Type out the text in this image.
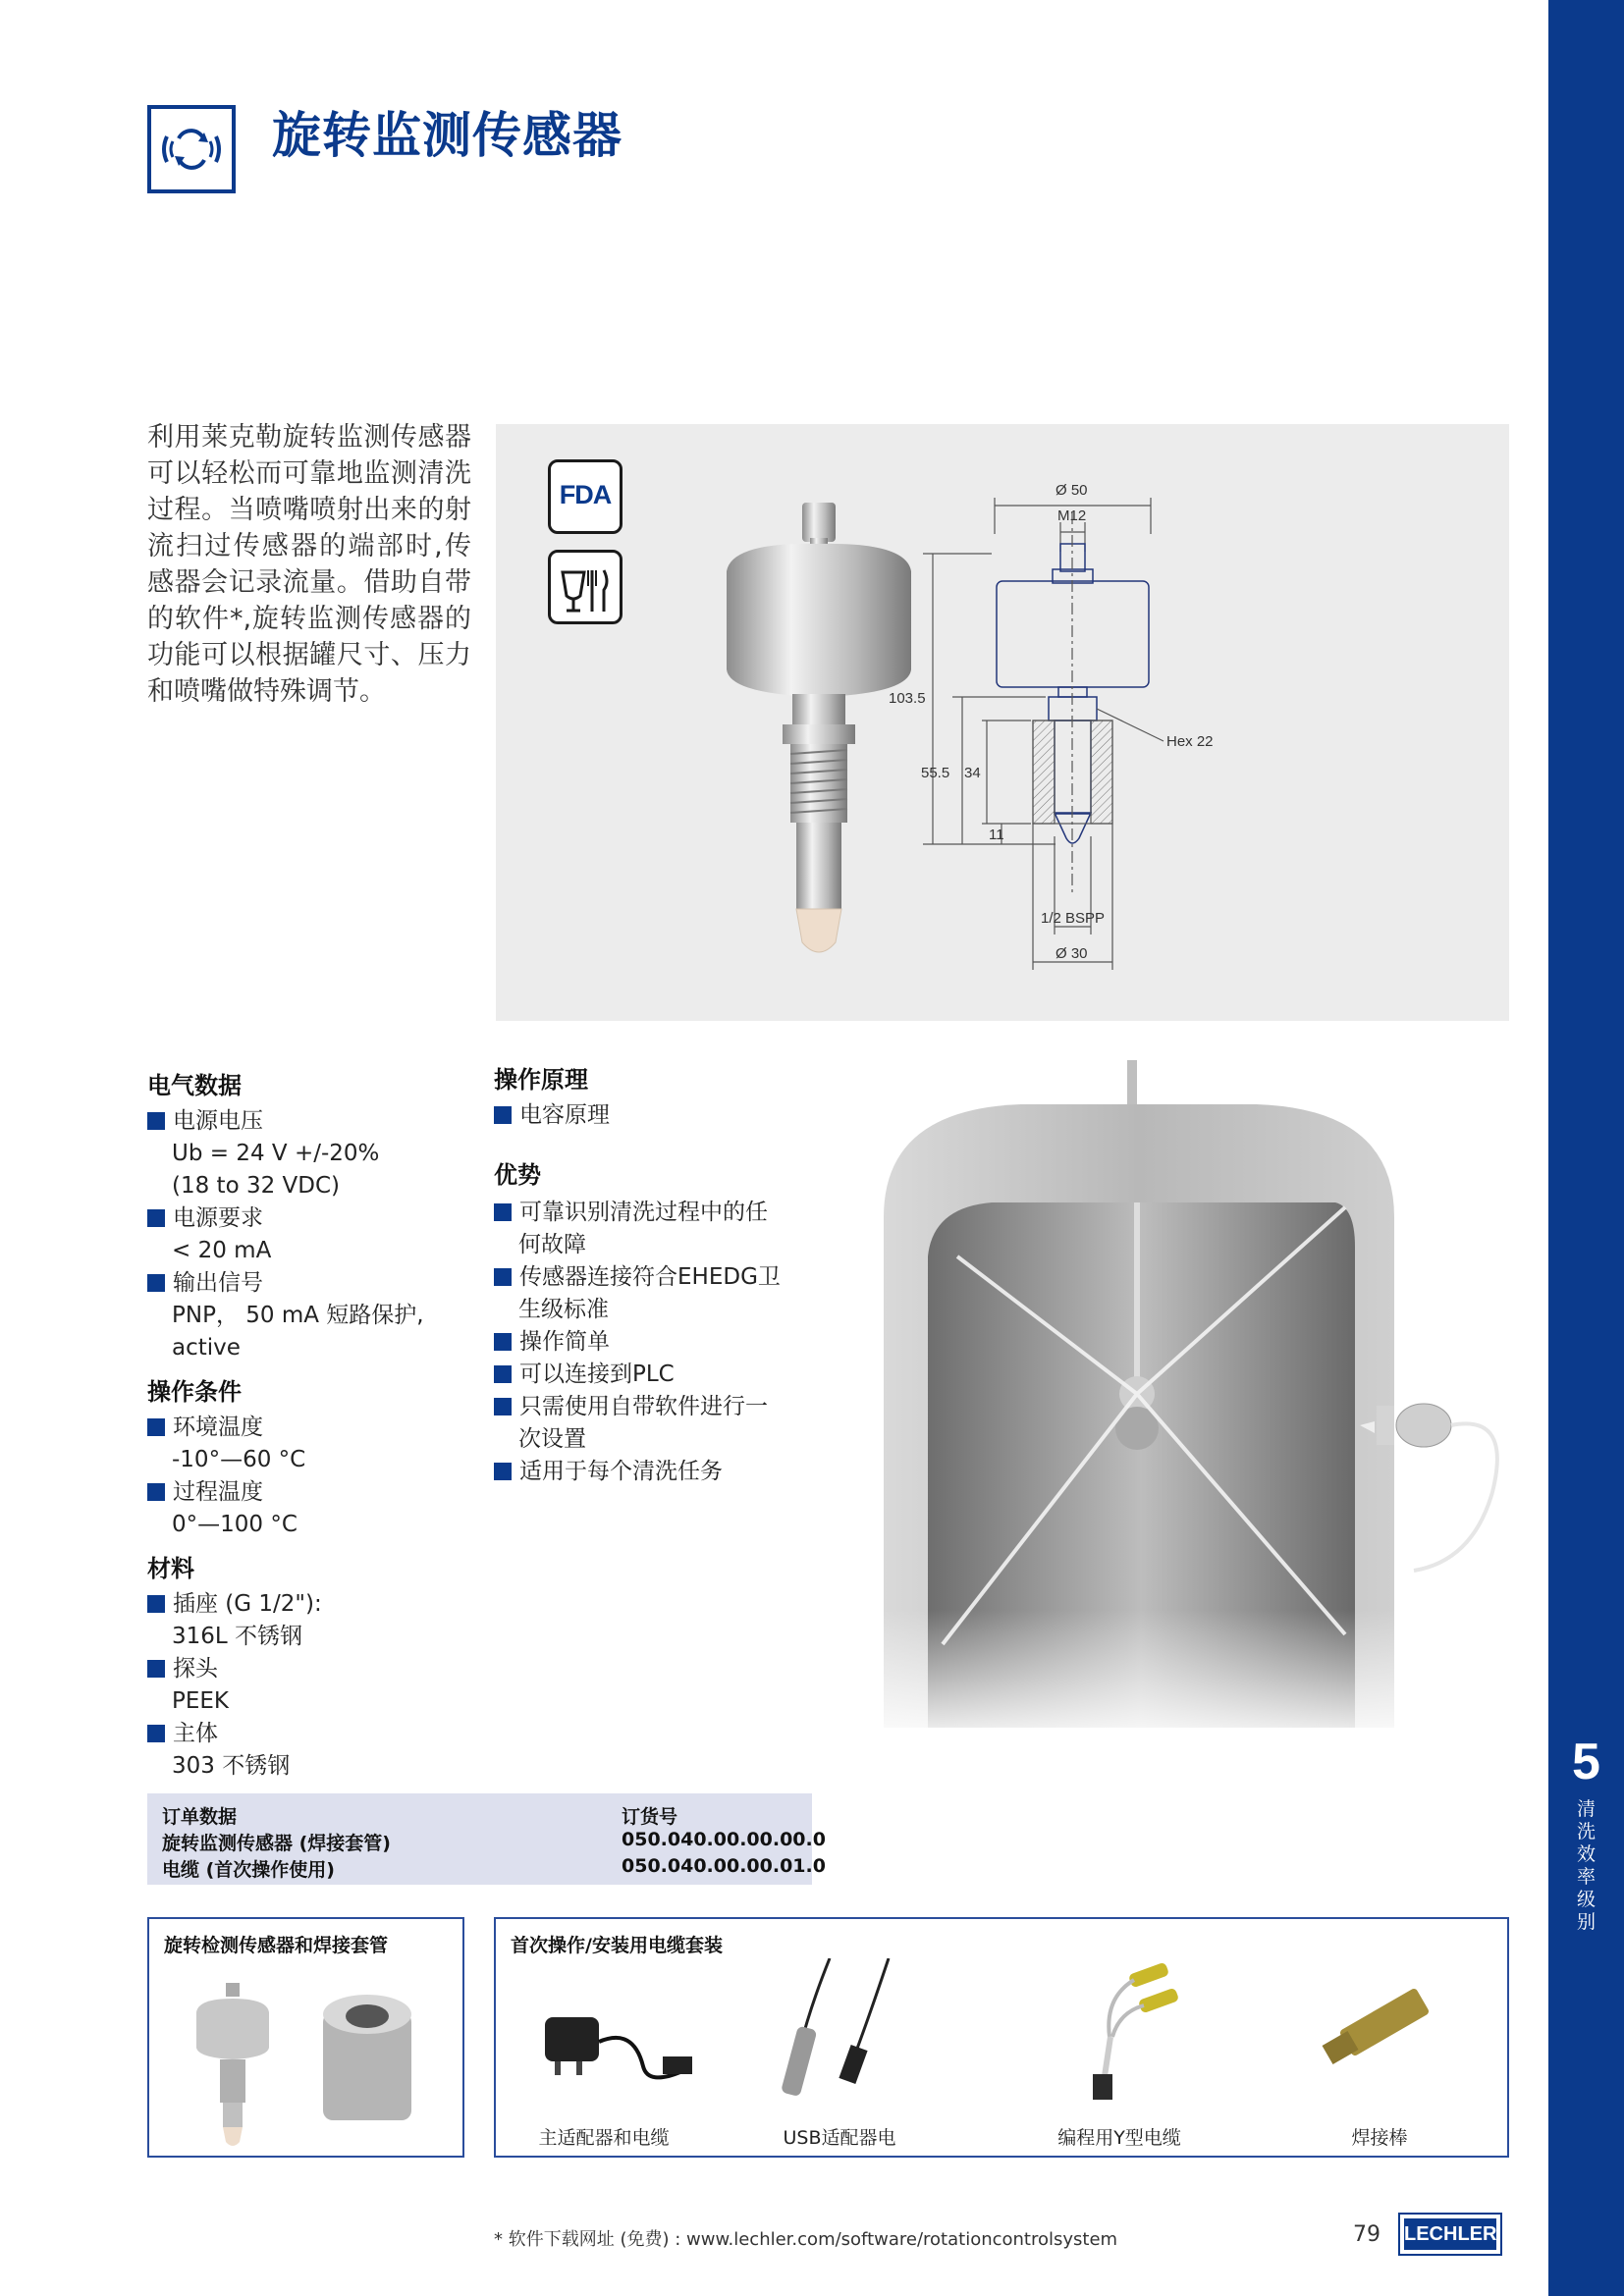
5
清
洗
效
率
级
别
旋转监测传感器
利用莱克勒旋转监测传感器可以轻松而可靠地监测清洗过程。当喷嘴喷射出来的射流扫过传感器的端部时,传感器会记录流量。借助自带的软件*,旋转监测传感器的功能可以根据罐尺寸、压力和喷嘴做特殊调节。
Ø 50
M12
103.5
55.5 34
11
Hex 22
1/2 BSPP
Ø 30
FDA
电气数据
电源电压
Ub = 24 V +/-20%
(18 to 32 VDC)
电源要求
< 20 mA
输出信号
PNP， 50 mA 短路保护,
active
操作条件
环境温度
-10°—60 °C
过程温度
0°—100 °C
材料
插座 (G 1/2"):
316L 不锈钢
探头
PEEK
主体
303 不锈钢
操作原理
电容原理
优势
可靠识别清洗过程中的任
何故障
传感器连接符合EHEDG卫
生级标准
操作简单
可以连接到PLC
只需使用自带软件进行一
次设置
适用于每个清洗任务
订单数据	订货号
旋转监测传感器 (焊接套管)	050.040.00.00.00.0
电缆 (首次操作使用)	050.040.00.00.01.0
旋转检测传感器和焊接套管	首次操作/安装用电缆套装
主适配器和电缆	USB适配器电	编程用Y型电缆	焊接棒
* 软件下载网址 (免费) : www.lechler.com/software/rotationcontrolsystem	79 LECHLER
